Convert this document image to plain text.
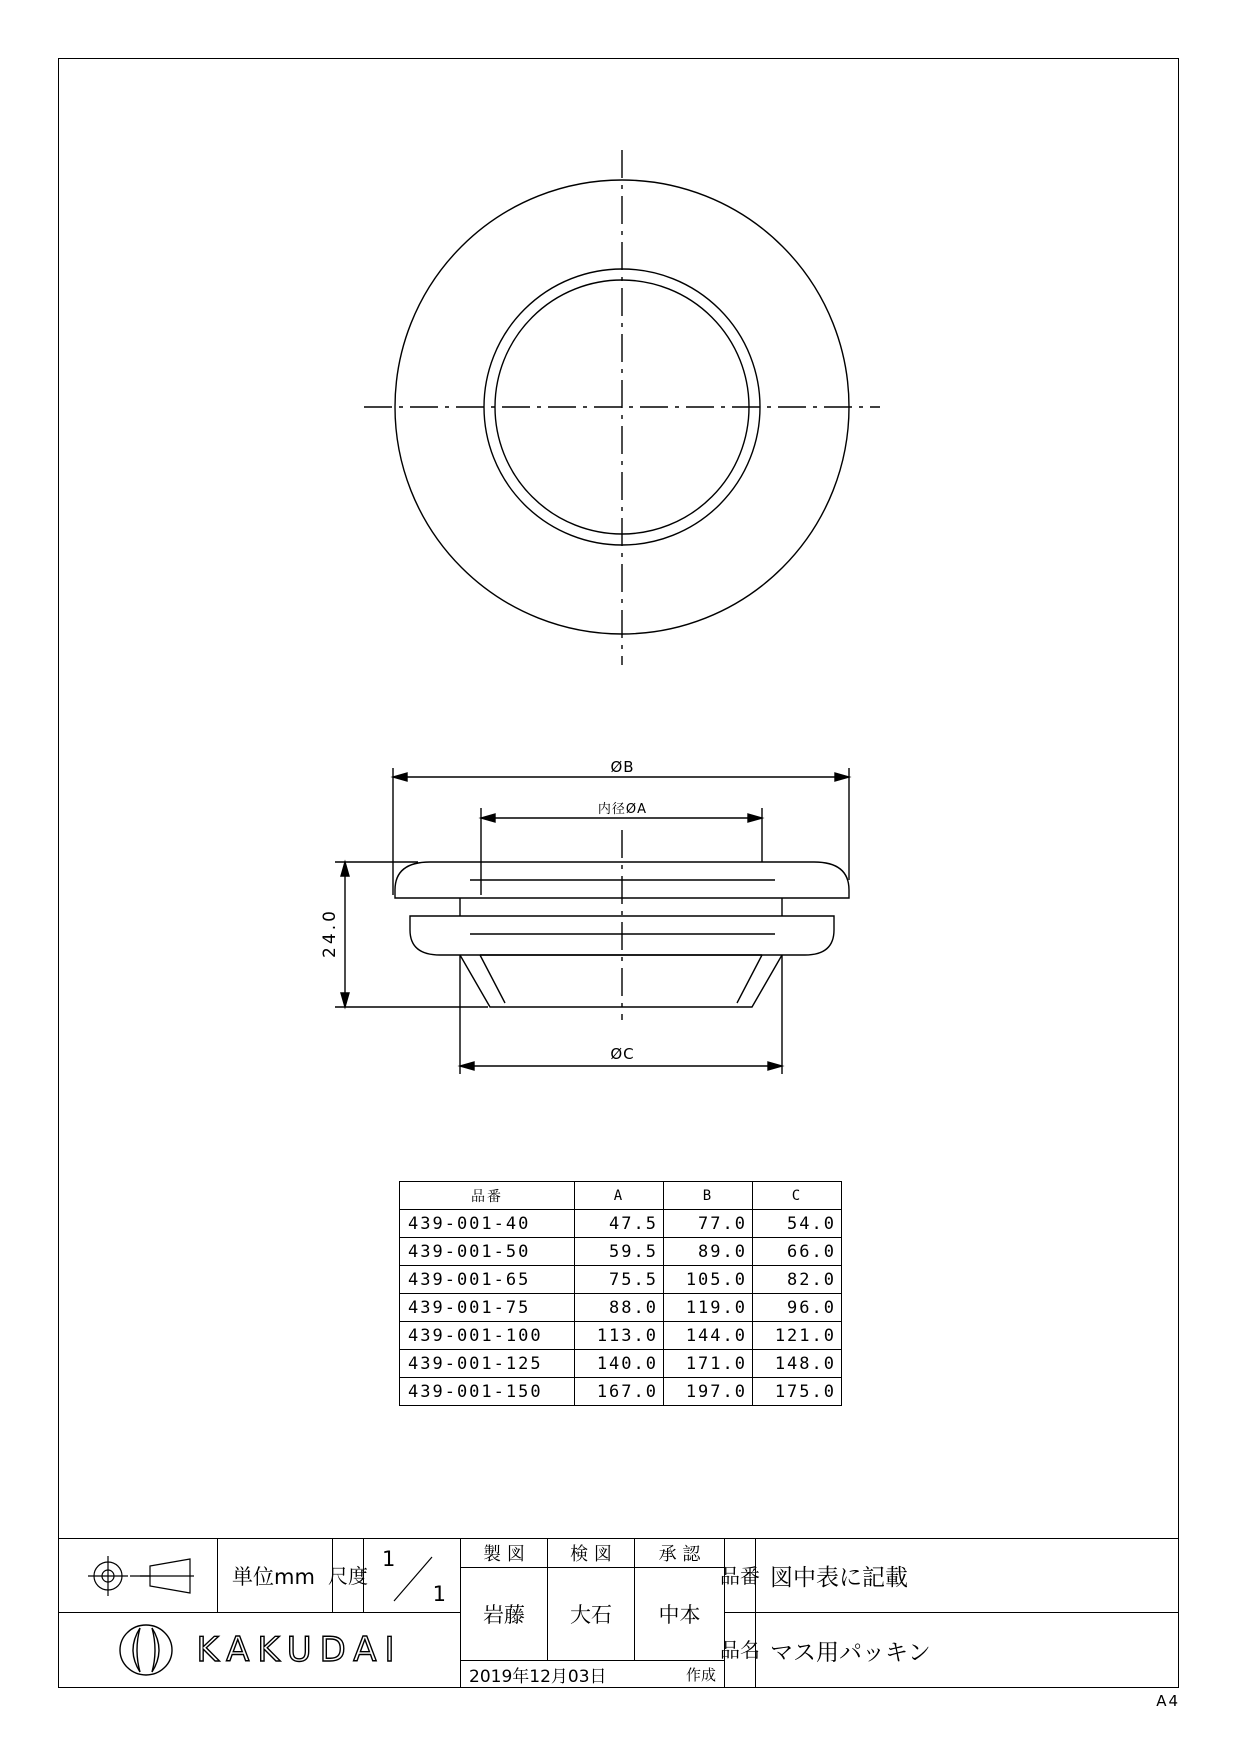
ØB
内径ØA
ØC
24.0
品番	A	B	C
439-001-40	47.5	77.0	54.0
439-001-50	59.5	89.0	66.0
439-001-65	75.5	105.0	82.0
439-001-75	88.0	119.0	96.0
439-001-100	113.0	144.0	121.0
439-001-125	140.0	171.0	148.0
439-001-150	167.0	197.0	175.0
単位mm 尺度
1
1
製 図	検 図	承 認
岩藤	大石	中本
2019年12月03日	作成
KAKUDAI
品番 図中表に記載
品名 マス用パッキン
A4
